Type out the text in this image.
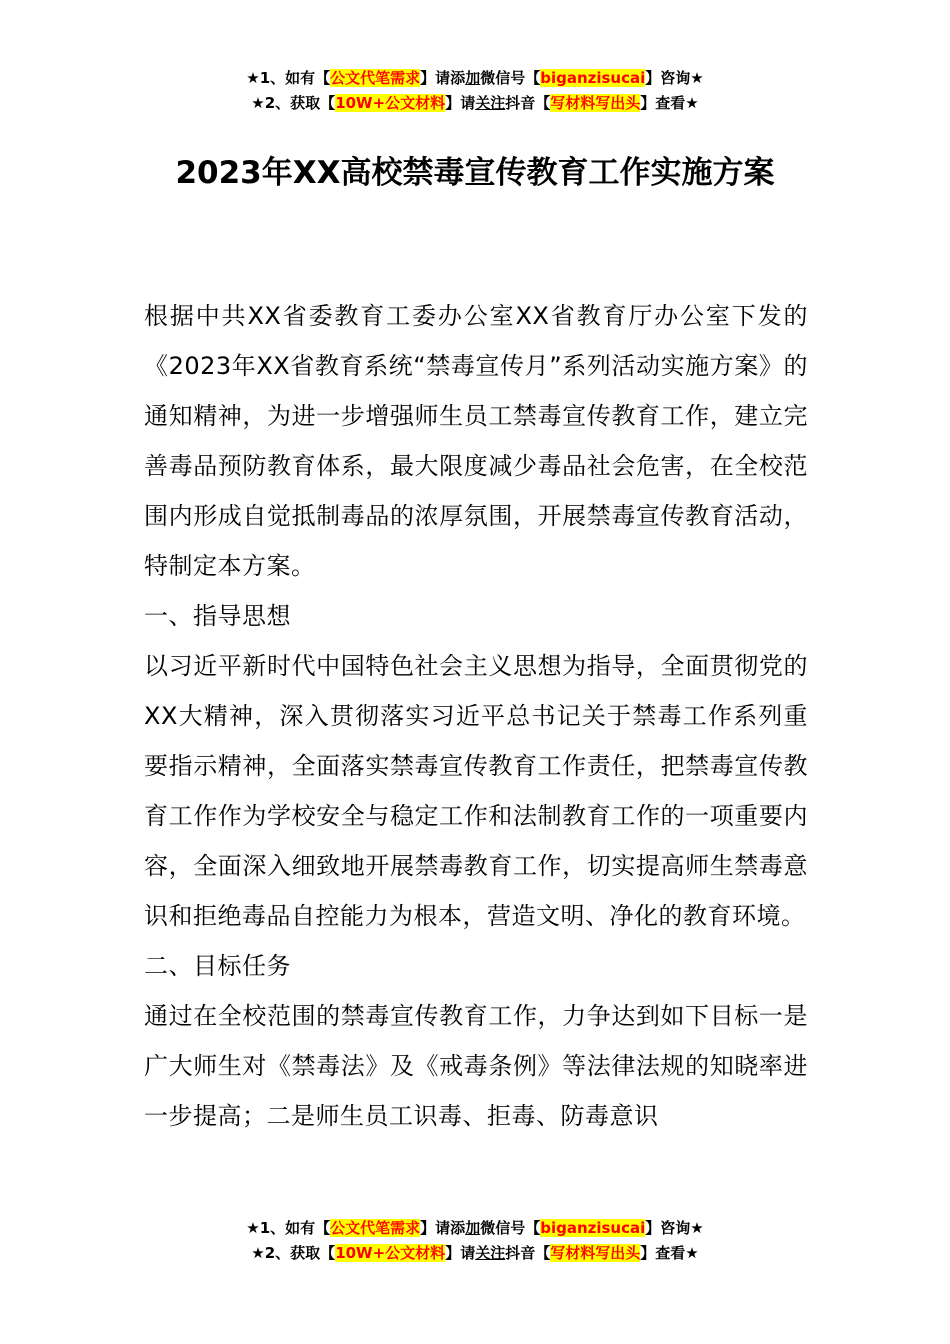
★1、如有【公文代笔需求】请添加微信号【biganzisucai】咨询★
★2、获取【10W+公文材料】请关注抖音【写材料写出头】查看★
2023年XX高校禁毒宣传教育工作实施方案

根据中共XX省委教育工委办公室XX省教育厅办公室下发的《2023年XX省教育系统“禁毒宣传月”系列活动实施方案》的通知精神，为进一步增强师生员工禁毒宣传教育工作，建立完善毒品预防教育体系，最大限度减少毒品社会危害，在全校范围内形成自觉抵制毒品的浓厚氛围，开展禁毒宣传教育活动，特制定本方案。

一、指导思想

以习近平新时代中国特色社会主义思想为指导，全面贯彻党的XX大精神，深入贯彻落实习近平总书记关于禁毒工作系列重要指示精神，全面落实禁毒宣传教育工作责任，把禁毒宣传教育工作作为学校安全与稳定工作和法制教育工作的一项重要内容，全面深入细致地开展禁毒教育工作，切实提高师生禁毒意识和拒绝毒品自控能力为根本，营造文明、净化的教育环境。

二、目标任务

通过在全校范围的禁毒宣传教育工作，力争达到如下目标一是广大师生对《禁毒法》及《戒毒条例》等法律法规的知晓率进一步提高；二是师生员工识毒、拒毒、防毒意识

★1、如有【公文代笔需求】请添加微信号【biganzisucai】咨询★
★2、获取【10W+公文材料】请关注抖音【写材料写出头】查看★
